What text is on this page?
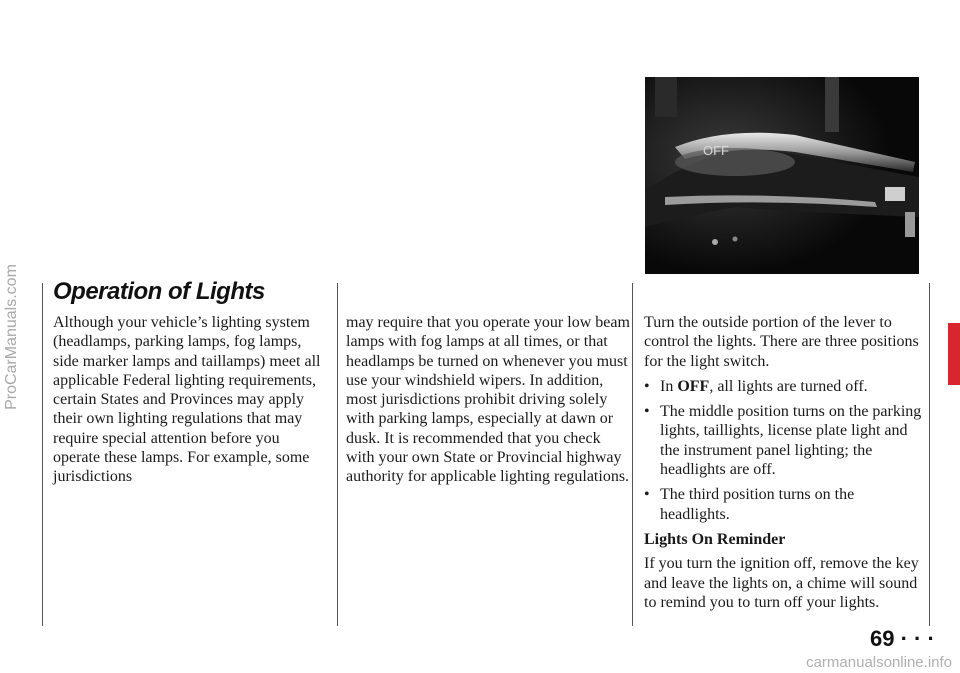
ProCarManuals.com
OFF
Operation of Lights

Although your vehicle’s lighting system (headlamps, parking lamps, fog lamps, side marker lamps and taillamps) meet all applicable Federal lighting requirements, certain States and Provinces may apply their own lighting regulations that may require special attention before you operate these lamps. For example, some jurisdictions

may require that you operate your low beam lamps with fog lamps at all times, or that headlamps be turned on whenever you must use your windshield wipers. In addition, most jurisdictions prohibit driving solely with parking lamps, especially at dawn or dusk. It is recommended that you check with your own State or Provincial highway authority for applicable lighting regulations.

Turn the outside portion of the lever to control the lights. There are three positions for the light switch.

• In OFF, all lights are turned off.
• The middle position turns on the parking lights, taillights, license plate light and the instrument panel lighting; the headlights are off.
• The third position turns on the headlights.

Lights On Reminder

If you turn the ignition off, remove the key and leave the lights on, a chime will sound to remind you to turn off your lights.

69 · · ·
carmanualsonline.info
